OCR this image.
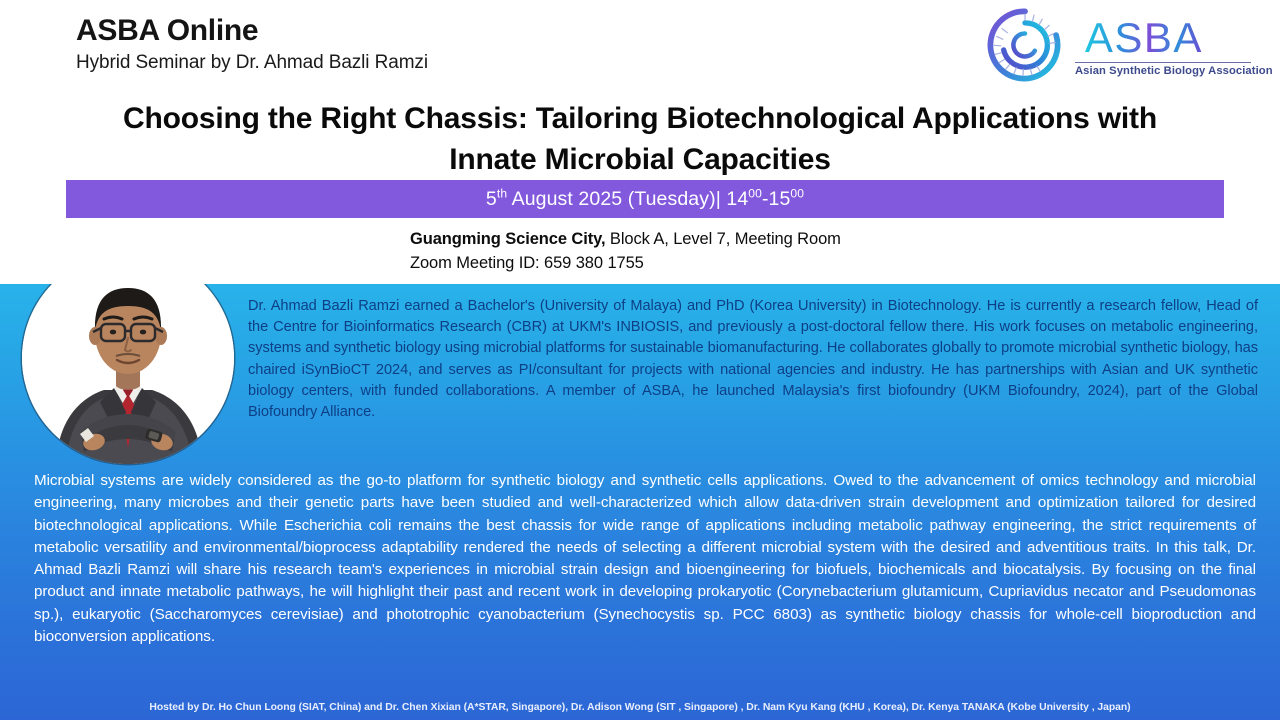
ASBA Online
Hybrid Seminar by Dr. Ahmad Bazli Ramzi
ASBA
Asian Synthetic Biology Association
Choosing the Right Chassis: Tailoring Biotechnological Applications with Innate Microbial Capacities
5th August 2025 (Tuesday)| $14^{00}-15^{00}$
Guangming Science City, Block A, Level 7, Meeting Room
Zoom Meeting ID: 659 380 1755
Dr. Ahmad Bazli Ramzi earned a Bachelor's (University of Malaya) and PhD (Korea University) in Biotechnology. He is currently a research fellow, Head of the Centre for Bioinformatics Research (CBR) at UKM's INBIOSIS, and previously a post-doctoral fellow there. His work focuses on metabolic engineering, systems and synthetic biology using microbial platforms for sustainable biomanufacturing. He collaborates globally to promote microbial synthetic biology, has chaired iSynBioCT 2024, and serves as PI/consultant for projects with national agencies and industry. He has partnerships with Asian and UK synthetic biology centers, with funded collaborations. A member of ASBA, he launched Malaysia's first biofoundry (UKM Biofoundry, 2024), part of the Global Biofoundry Alliance.
Microbial systems are widely considered as the go-to platform for synthetic biology and synthetic cells applications. Owed to the advancement of omics technology and microbial engineering, many microbes and their genetic parts have been studied and well-characterized which allow data-driven strain development and optimization tailored for desired biotechnological applications. While Escherichia coli remains the best chassis for wide range of applications including metabolic pathway engineering, the strict requirements of metabolic versatility and environmental/bioprocess adaptability rendered the needs of selecting a different microbial system with the desired and adventitious traits. In this talk, Dr. Ahmad Bazli Ramzi will share his research team's experiences in microbial strain design and bioengineering for biofuels, biochemicals and biocatalysis. By focusing on the final product and innate metabolic pathways, he will highlight their past and recent work in developing prokaryotic (Corynebacterium glutamicum, Cupriavidus necator and Pseudomonas sp.), eukaryotic (Saccharomyces cerevisiae) and phototrophic cyanobacterium (Synechocystis sp. PCC 6803) as synthetic biology chassis for whole-cell bioproduction and bioconversion applications.
Hosted by Dr. Ho Chun Loong (SIAT, China) and Dr. Chen Xixian (A*STAR, Singapore), Dr. Adison Wong (SIT , Singapore) , Dr. Nam Kyu Kang (KHU , Korea), Dr. Kenya TANAKA (Kobe University , Japan)
